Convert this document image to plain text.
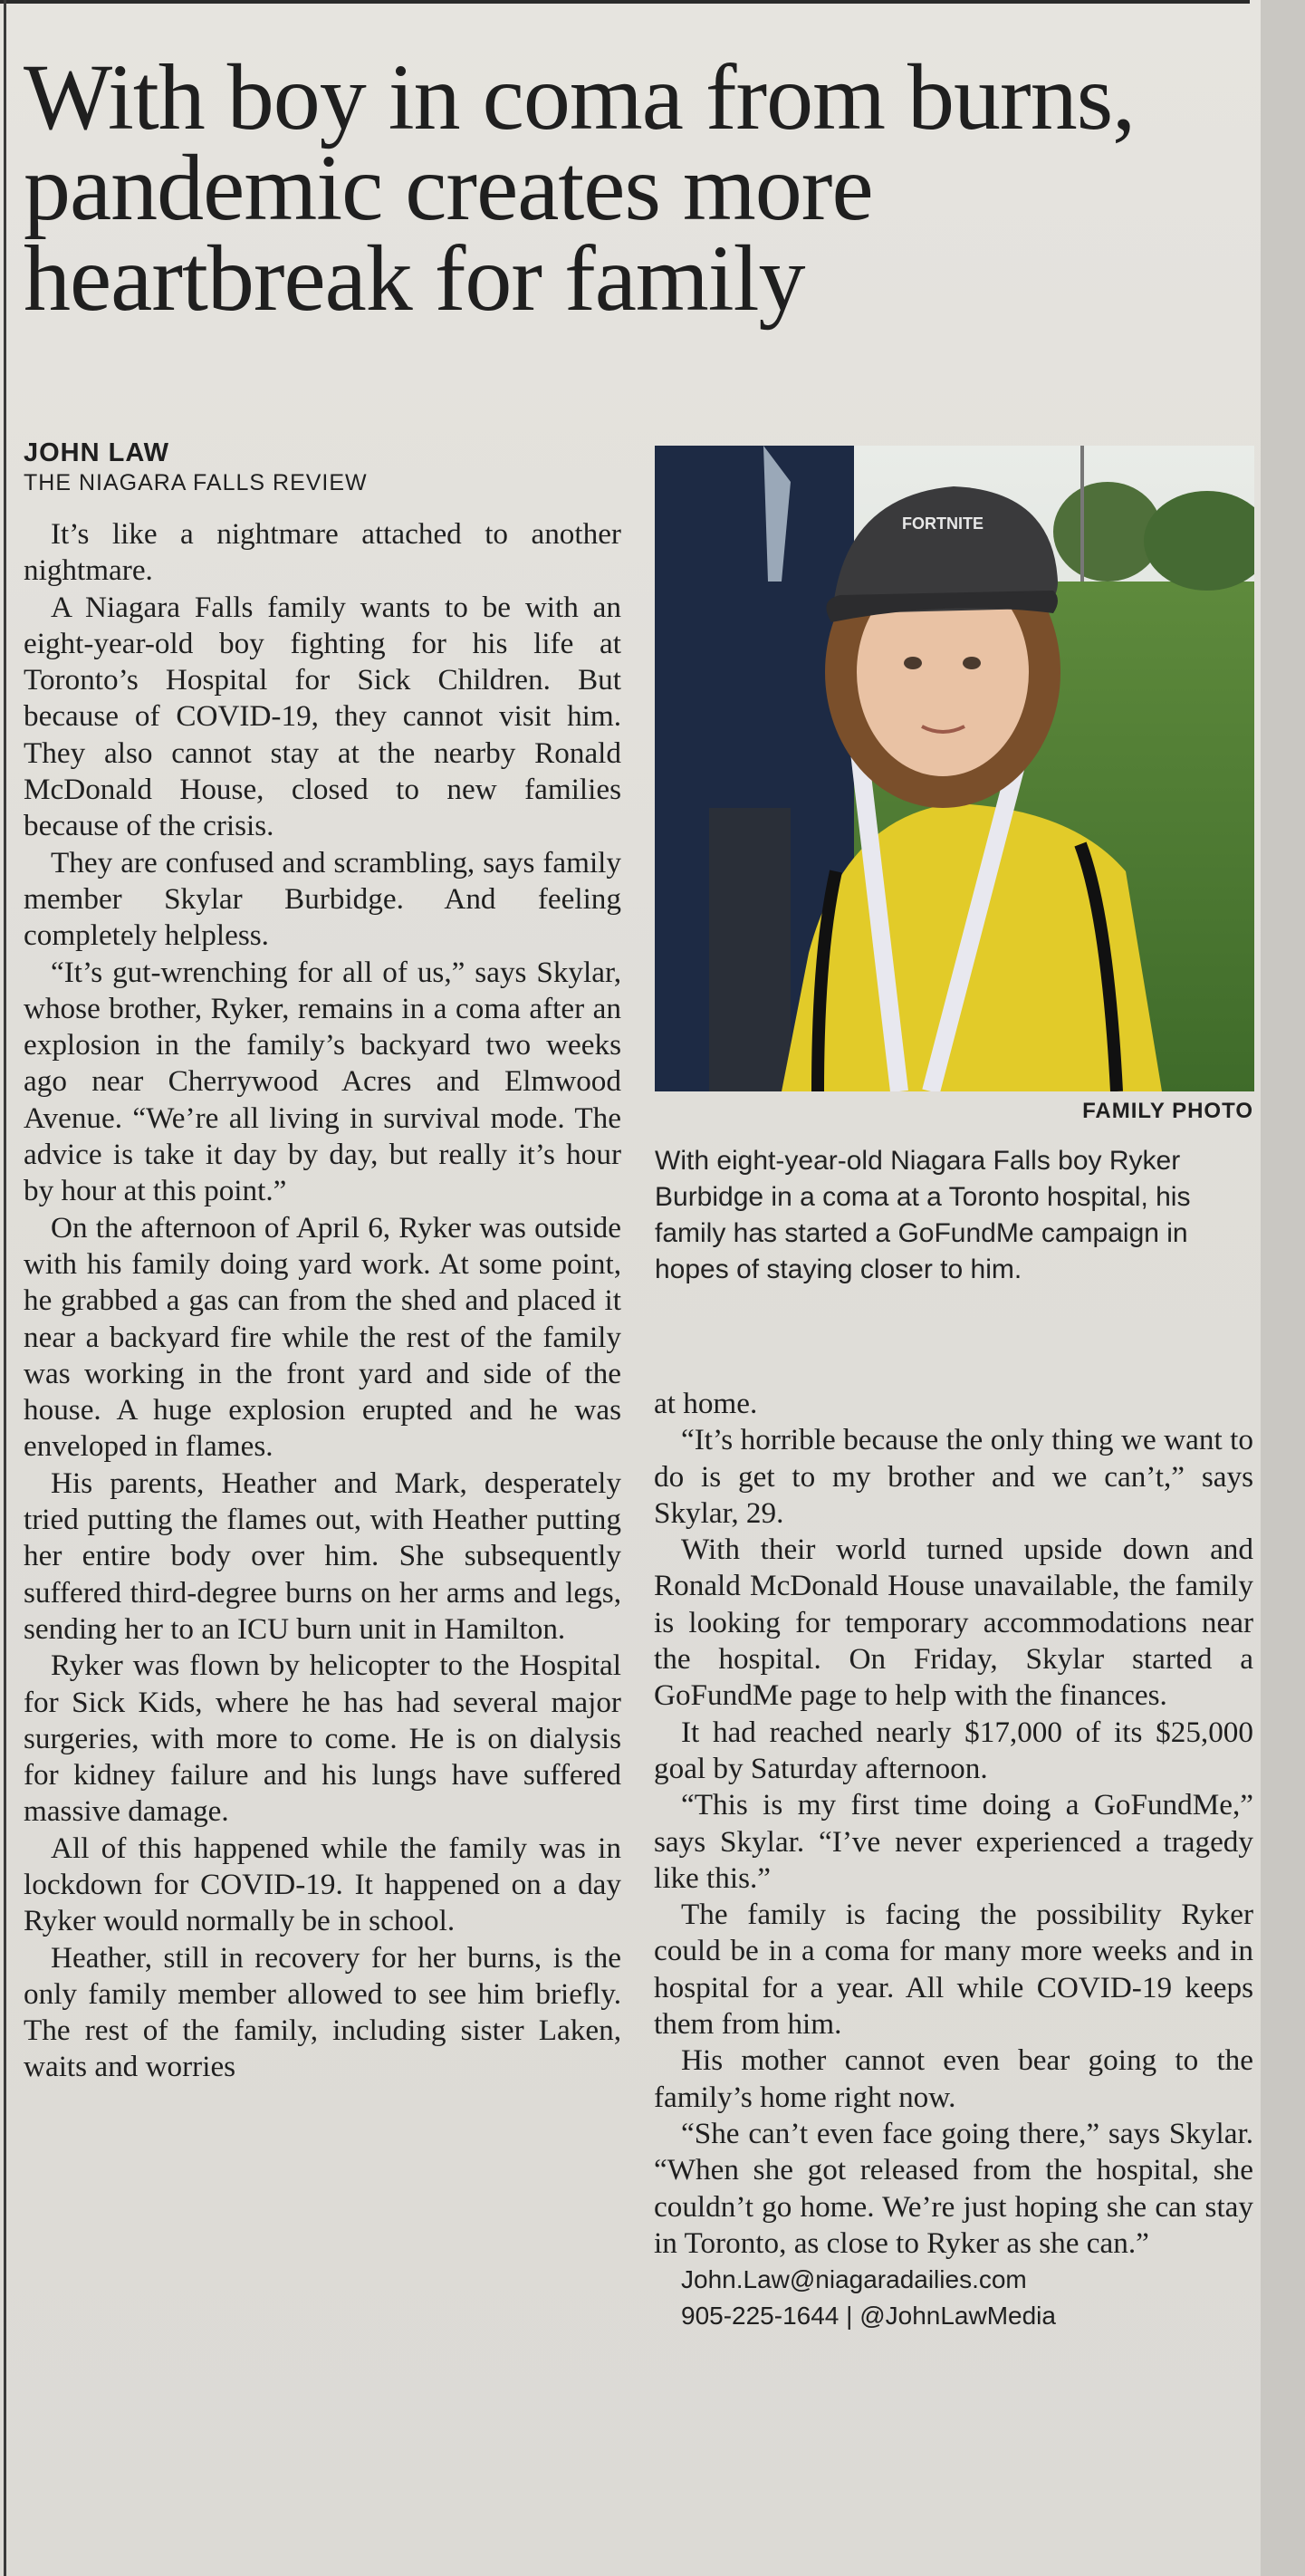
With boy in coma from burns,
pandemic creates more
heartbreak for family
JOHN LAW
THE NIAGARA FALLS REVIEW

It’s like a nightmare attached to another nightmare.

A Niagara Falls family wants to be with an eight-year-old boy fighting for his life at Toronto’s Hospital for Sick Children. But because of COVID-19, they cannot visit him. They also cannot stay at the nearby Ronald McDonald House, closed to new families because of the crisis.

They are confused and scrambling, says family member Skylar Burbidge. And feeling completely helpless.

“It’s gut-wrenching for all of us,” says Skylar, whose brother, Ryker, remains in a coma after an explosion in the family’s backyard two weeks ago near Cherrywood Acres and Elmwood Avenue. “We’re all living in survival mode. The advice is take it day by day, but really it’s hour by hour at this point.”

On the afternoon of April 6, Ryker was outside with his family doing yard work. At some point, he grabbed a gas can from the shed and placed it near a backyard fire while the rest of the family was working in the front yard and side of the house. A huge explosion erupted and he was enveloped in flames.

His parents, Heather and Mark, desperately tried putting the flames out, with Heather putting her entire body over him. She subsequently suffered third-degree burns on her arms and legs, sending her to an ICU burn unit in Hamilton.

Ryker was flown by helicopter to the Hospital for Sick Kids, where he has had several major surgeries, with more to come. He is on dialysis for kidney failure and his lungs have suffered massive damage.

All of this happened while the family was in lockdown for COVID-19. It happened on a day Ryker would normally be in school.

Heather, still in recovery for her burns, is the only family member allowed to see him briefly. The rest of the family, including sister Laken, waits and worries

FORTNITE
FAMILY PHOTO
With eight-year-old Niagara Falls boy Ryker Burbidge in a coma at a Toronto hospital, his family has started a GoFundMe campaign in hopes of staying closer to him.

at home.

“It’s horrible because the only thing we want to do is get to my brother and we can’t,” says Skylar, 29.

With their world turned upside down and Ronald McDonald House unavailable, the family is looking for temporary accommodations near the hospital. On Friday, Skylar started a GoFundMe page to help with the finances.

It had reached nearly $17,000 of its $25,000 goal by Saturday afternoon.

“This is my first time doing a GoFundMe,” says Skylar. “I’ve never experienced a tragedy like this.”

The family is facing the possibility Ryker could be in a coma for many more weeks and in hospital for a year. All while COVID-19 keeps them from him.

His mother cannot even bear going to the family’s home right now.

“She can’t even face going there,” says Skylar. “When she got released from the hospital, she couldn’t go home. We’re just hoping she can stay in Toronto, as close to Ryker as she can.”

John.Law@niagaradailies.com

905-225-1644 | @JohnLawMedia
